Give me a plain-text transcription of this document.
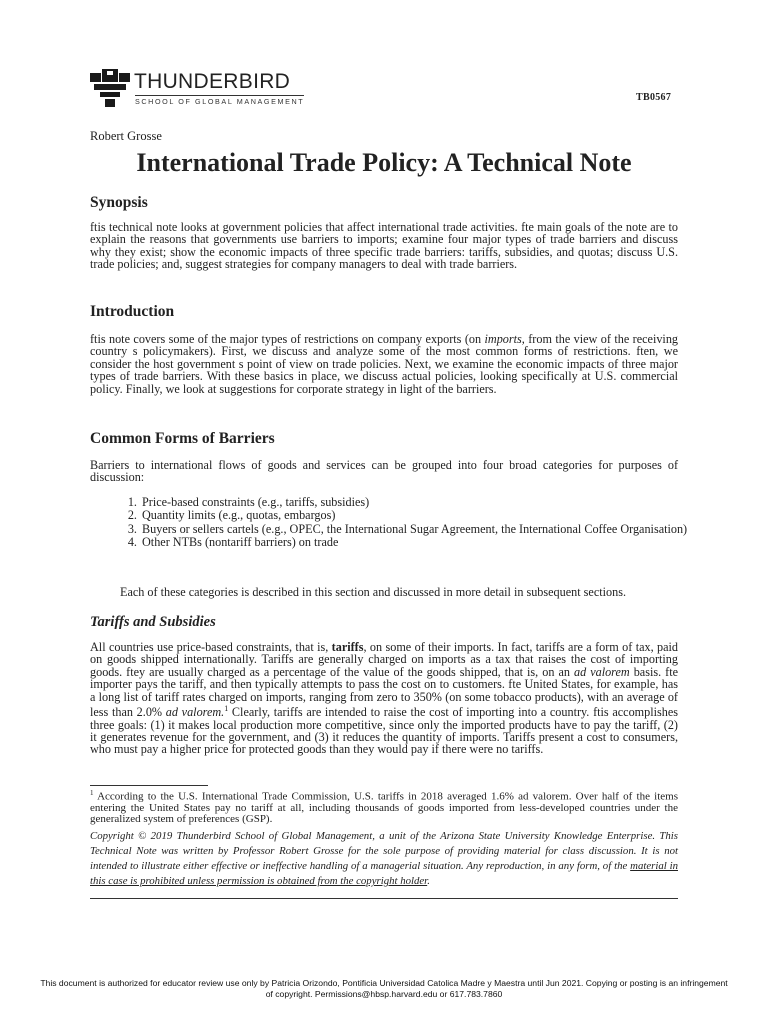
THUNDERBIRD
SCHOOL OF GLOBAL MANAGEMENT	TB0567
Robert Grosse
International Trade Policy: A Technical Note
Synopsis

ftis technical note looks at government policies that affect international trade activities. fte main goals of the note are to explain the reasons that governments use barriers to imports; examine four major types of trade barriers and discuss why they exist; show the economic impacts of three specific trade barriers: tariffs, subsidies, and quotas; discuss U.S. trade policies; and, suggest strategies for company managers to deal with trade barriers.

Introduction

ftis note covers some of the major types of restrictions on company exports (on imports, from the view of the receiving country s policymakers). First, we discuss and analyze some of the most common forms of restrictions. ften, we consider the host government s point of view on trade policies. Next, we examine the economic impacts of three major types of trade barriers. With these basics in place, we discuss actual policies, looking specifically at U.S. commercial policy. Finally, we look at suggestions for corporate strategy in light of the barriers.

Common Forms of Barriers

Barriers to international flows of goods and services can be grouped into four broad categories for purposes of discussion:

1. Price-based constraints (e.g., tariffs, subsidies)
2. Quantity limits (e.g., quotas, embargos)
3. Buyers or sellers cartels (e.g., OPEC, the International Sugar Agreement, the International Coffee Organisation)
4. Other NTBs (nontariff barriers) on trade

Each of these categories is described in this section and discussed in more detail in subsequent sections.

Tariffs and Subsidies

All countries use price-based constraints, that is, tariffs, on some of their imports. In fact, tariffs are a form of tax, paid on goods shipped internationally. Tariffs are generally charged on imports as a tax that raises the cost of importing goods. ftey are usually charged as a percentage of the value of the goods shipped, that is, on an ad valorem basis. fte importer pays the tariff, and then typically attempts to pass the cost on to customers. fte United States, for example, has a long list of tariff rates charged on imports, ranging from zero to 350% (on some tobacco products), with an average of less than 2.0% ad valorem.$^1$ Clearly, tariffs are intended to raise the cost of importing into a country. ftis accomplishes three goals: (1) it makes local production more competitive, since only the imported products have to pay the tariff, (2) it generates revenue for the government, and (3) it reduces the quantity of imports. Tariffs present a cost to consumers, who must pay a higher price for protected goods than they would pay if there were no tariffs.

$^1$ According to the U.S. International Trade Commission, U.S. tariffs in 2018 averaged 1.6% ad valorem. Over half of the items entering the United States pay no tariff at all, including thousands of goods imported from less-developed countries under the generalized system of preferences (GSP).

Copyright © 2019 Thunderbird School of Global Management, a unit of the Arizona State University Knowledge Enterprise. This Technical Note was written by Professor Robert Grosse for the sole purpose of providing material for class discussion. It is not intended to illustrate either effective or ineffective handling of a managerial situation. Any reproduction, in any form, of the material in this case is prohibited unless permission is obtained from the copyright holder.

This document is authorized for educator review use only by Patricia Orizondo, Pontificia Universidad Catolica Madre y Maestra until Jun 2021. Copying or posting is an infringement
of copyright. Permissions@hbsp.harvard.edu or 617.783.7860
